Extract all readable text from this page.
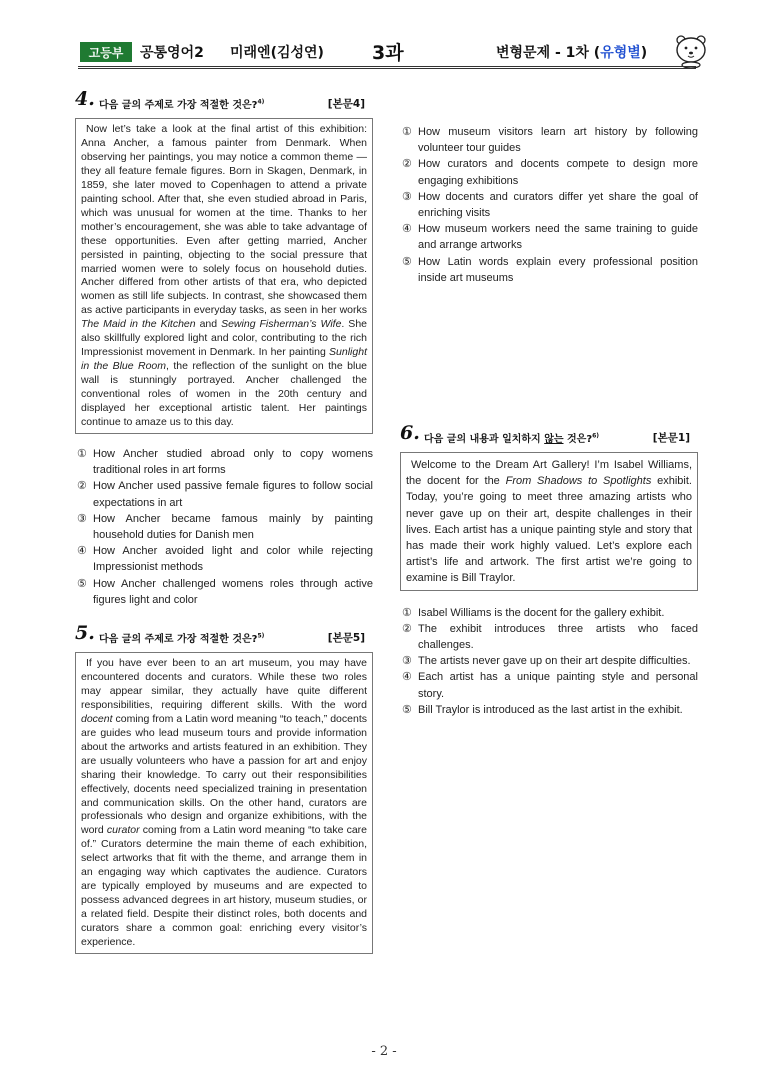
고등부	공통영어2 미래엔(김성연)	3과	변형문제 - 1차 (유형별)
4. 다음 글의 주제로 가장 적절한 것은?$^{4)}$	[본문4]

Now let’s take a look at the final artist of this exhibition: Anna Ancher, a famous painter from Denmark. When observing her paintings, you may notice a common theme — they all feature female figures. Born in Skagen, Denmark, in 1859, she later moved to Copenhagen to attend a private painting school. After that, she even studied abroad in Paris, which was unusual for women at the time. Thanks to her mother’s encouragement, she was able to take advantage of these opportunities. Even after getting married, Ancher persisted in painting, objecting to the social pressure that married women were to solely focus on household duties. Ancher differed from other artists of that era, who depicted women as still life subjects. In contrast, she showcased them as active participants in everyday tasks, as seen in her works The Maid in the Kitchen and Sewing Fisherman’s Wife. She also skillfully explored light and color, contributing to the rich Impressionist movement in Denmark. In her painting Sunlight in the Blue Room, the reflection of the sunlight on the blue wall is stunningly portrayed. Ancher challenged the conventional roles of women in the 20th century and displayed her exceptional artistic talent. Her paintings continue to amaze us to this day.

① How Ancher studied abroad only to copy womens traditional roles in art forms
② How Ancher used passive female figures to follow social expectations in art
③ How Ancher became famous mainly by painting household duties for Danish men
④ How Ancher avoided light and color while rejecting Impressionist methods
⑤ How Ancher challenged womens roles through active figures light and color
5. 다음 글의 주제로 가장 적절한 것은?$^{5)}$	[본문5]

If you have ever been to an art museum, you may have encountered docents and curators. While these two roles may appear similar, they actually have quite different responsibilities, requiring different skills. With the word docent coming from a Latin word meaning “to teach,” docents are guides who lead museum tours and provide information about the artworks and artists featured in an exhibition. They are usually volunteers who have a passion for art and enjoy sharing their knowledge. To carry out their responsibilities effectively, docents need specialized training in presentation and communication skills. On the other hand, curators are professionals who design and organize exhibitions, with the word curator coming from a Latin word meaning “to take care of.” Curators determine the main theme of each exhibition, select artworks that fit with the theme, and arrange them in an engaging way which captivates the audience. Curators are typically employed by museums and are expected to possess advanced degrees in art history, museum studies, or a related field. Despite their distinct roles, both docents and curators share a common goal: enriching every visitor’s experience.

① How museum visitors learn art history by following volunteer tour guides
② How curators and docents compete to design more engaging exhibitions
③ How docents and curators differ yet share the goal of enriching visits
④ How museum workers need the same training to guide and arrange artworks
⑤ How Latin words explain every professional position inside art museums
6. 다음 글의 내용과 일치하지 않는 것은?$^{6)}$	[본문1]

Welcome to the Dream Art Gallery! I’m Isabel Williams, the docent for the From Shadows to Spotlights exhibit. Today, you’re going to meet three amazing artists who never gave up on their art, despite challenges in their lives. Each artist has a unique painting style and story that has made their work highly valued. Let’s explore each artist’s life and artwork. The first artist we’re going to examine is Bill Traylor.

① Isabel Williams is the docent for the gallery exhibit.
② The exhibit introduces three artists who faced challenges.
③ The artists never gave up on their art despite difficulties.
④ Each artist has a unique painting style and personal story.
⑤ Bill Traylor is introduced as the last artist in the exhibit.
- 2 -
